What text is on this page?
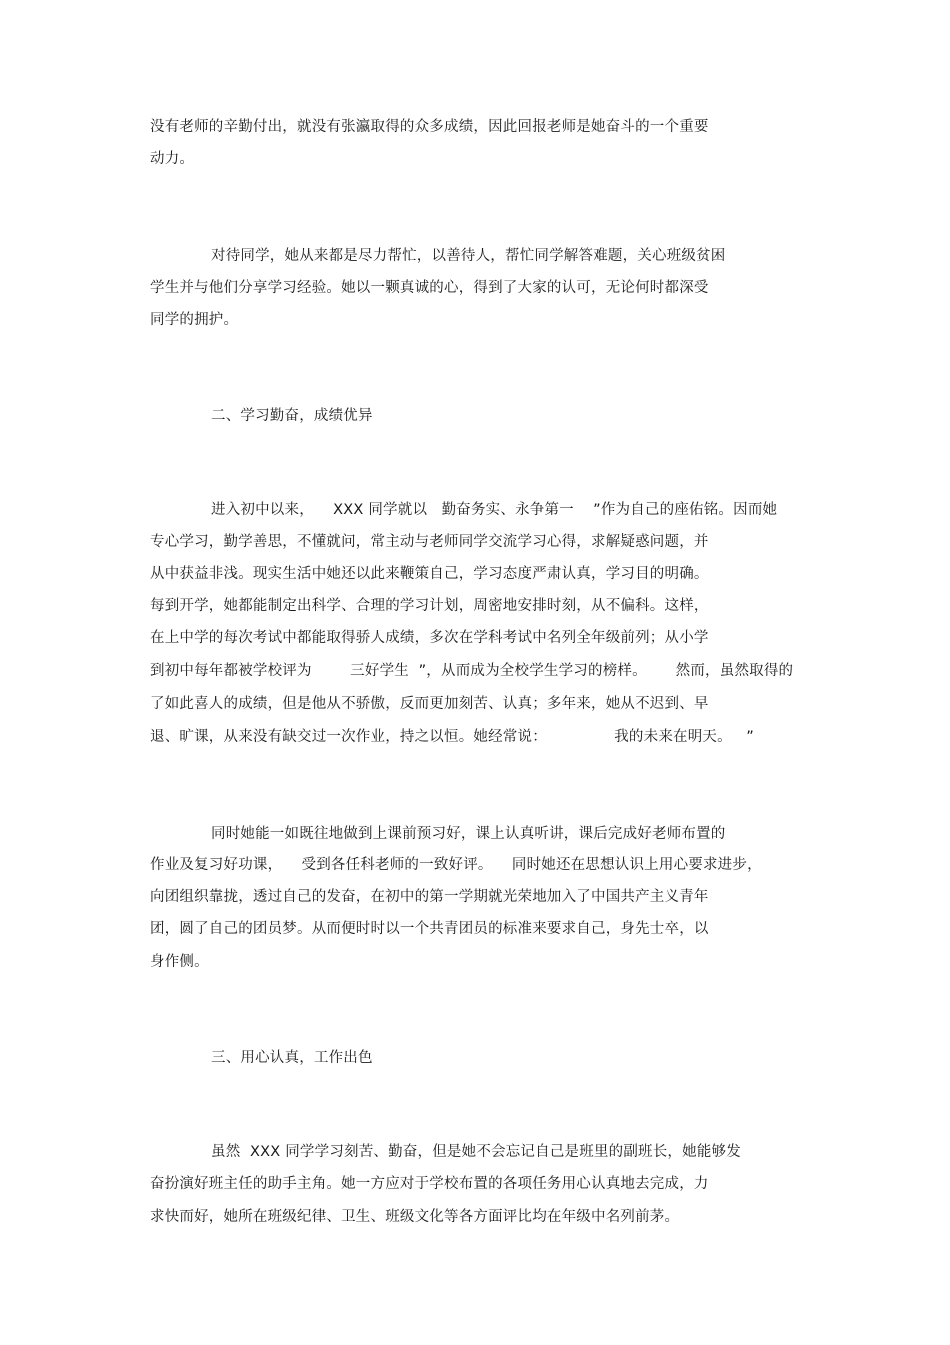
没有老师的辛勤付出，就没有张瀛取得的众多成绩，因此回报老师是她奋斗的一个重要
动力。
对待同学，她从来都是尽力帮忙，以善待人，帮忙同学解答难题，关心班级贫困
学生并与他们分享学习经验。她以一颗真诚的心，得到了大家的认可，无论何时都深受
同学的拥护。
二、学习勤奋，成绩优异
进入初中以来，    XXX 同学就以   勤奋务实、永争第一    ”作为自己的座佑铭。因而她
专心学习，勤学善思，不懂就问，常主动与老师同学交流学习心得，求解疑惑问题，并
从中获益非浅。现实生活中她还以此来鞭策自己，学习态度严肃认真，学习目的明确。
每到开学，她都能制定出科学、合理的学习计划，周密地安排时刻，从不偏科。这样，
在上中学的每次考试中都能取得骄人成绩，多次在学科考试中名列全年级前列；从小学
到初中每年都被学校评为        三好学生  ”，从而成为全校学生学习的榜样。      然而，虽然取得的
了如此喜人的成绩，但是他从不骄傲，反而更加刻苦、认真；多年来，她从不迟到、早
退、旷课，从来没有缺交过一次作业，持之以恒。她经常说：              我的未来在明天。   ”
同时她能一如既往地做到上课前预习好，课上认真听讲，课后完成好老师布置的
作业及复习好功课，    受到各任科老师的一致好评。    同时她还在思想认识上用心要求进步，
向团组织靠拢，透过自己的发奋，在初中的第一学期就光荣地加入了中国共产主义青年
团，圆了自己的团员梦。从而便时时以一个共青团员的标准来要求自己，身先士卒，以
身作侧。
三、用心认真，工作出色
虽然  XXX 同学学习刻苦、勤奋，但是她不会忘记自己是班里的副班长，她能够发
奋扮演好班主任的助手主角。她一方应对于学校布置的各项任务用心认真地去完成，力
求快而好，她所在班级纪律、卫生、班级文化等各方面评比均在年级中名列前茅。
